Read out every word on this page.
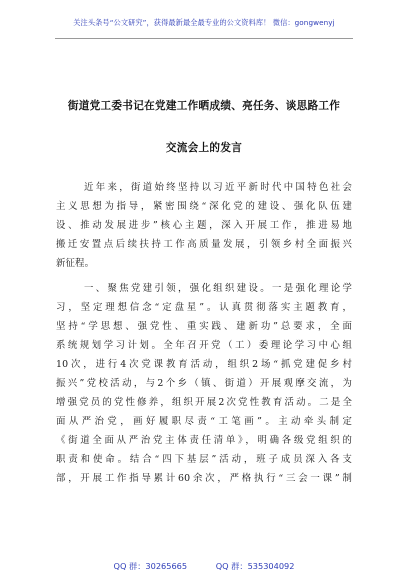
关注头条号“公文研究”，获得最新最全最专业的公文资料库！ 微信：gongwenyj
街道党工委书记在党建工作晒成绩、亮任务、谈思路工作
交流会上的发言
近年来，街道始终坚持以习近平新时代中国特色社会
主义思想为指导，紧密围绕“深化党的建设、强化队伍建
设、推动发展进步”核心主题，深入开展工作，推进易地
搬迁安置点后续扶持工作高质量发展，引领乡村全面振兴
新征程。
一、聚焦党建引领，强化组织建设。一是强化理论学
习，坚定理想信念“定盘星”。认真贯彻落实主题教育，
坚持“学思想、强党性、重实践、建新功”总要求，全面
系统规划学习计划。全年召开党（工）委理论学习中心组
10次，进行4次党课教育活动，组织2场“抓党建促乡村
振兴”党校活动，与2个乡（镇、街道）开展观摩交流，为
增强党员的党性修养，组织开展2次党性教育活动。二是全
面从严治党，画好履职尽责“工笔画”。主动牵头制定
《街道全面从严治党主体责任清单》，明确各级党组织的
职责和使命。结合“四下基层”活动，班子成员深入各支
部，开展工作指导累计60余次，严格执行“三会一课”制
QQ 群：30265665	QQ 群：535304092
